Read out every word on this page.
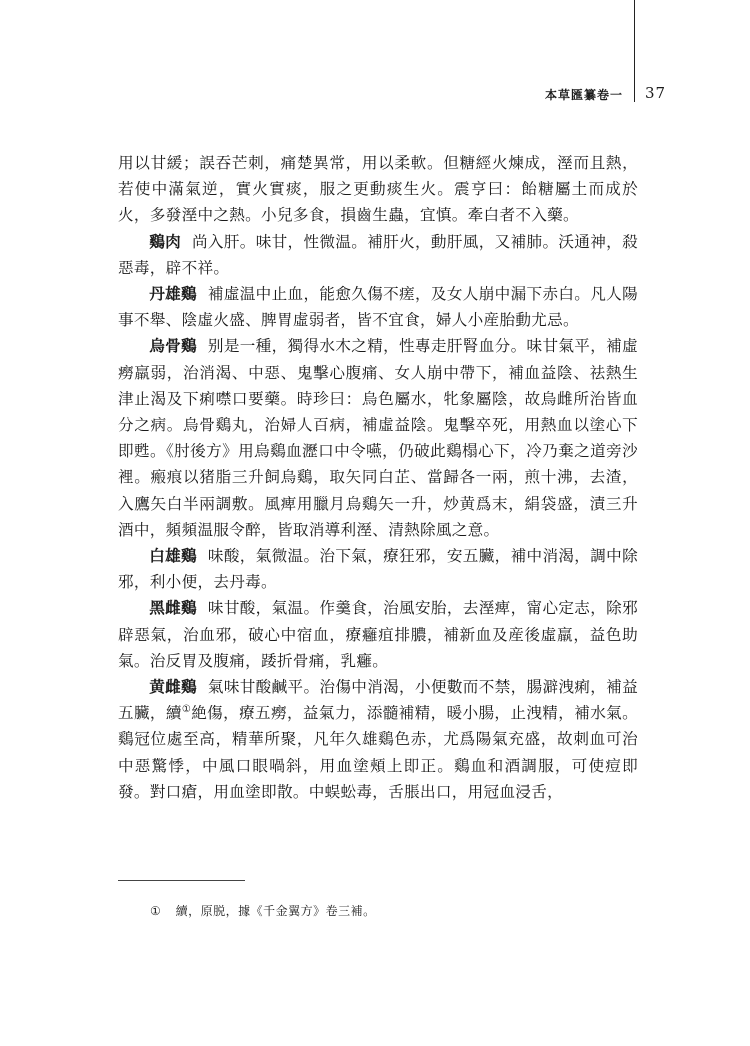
本草匯纂卷一 37

用以甘緩；誤吞芒刺，痛楚異常，用以柔軟。但糖經火煉成，溼而且熱，若使中滿氣逆，實火實痰，服之更動痰生火。震亨曰：飴糖屬土而成於火，多發溼中之熱。小兒多食，損齒生蟲，宜慎。牽白者不入藥。

鷄肉 尚入肝。味甘，性微温。補肝火，動肝風，又補肺。沃通神，殺惡毒，辟不祥。

丹雄鷄 補虛温中止血，能愈久傷不瘥，及女人崩中漏下赤白。凡人陽事不舉、陰虛火盛、脾胃虛弱者，皆不宜食，婦人小産胎動尤忌。

烏骨鷄 别是一種，獨得水木之精，性專走肝腎血分。味甘氣平，補虛癆羸弱，治消渴、中惡、鬼擊心腹痛、女人崩中帶下，補血益陰、祛熱生津止渴及下痢噤口要藥。時珍曰：烏色屬水，牝象屬陰，故烏雌所治皆血分之病。烏骨鷄丸，治婦人百病，補虛益陰。鬼擊卒死，用熱血以塗心下即甦。《肘後方》用烏鷄血瀝口中令嚥，仍破此鷄榻心下，冷乃棄之道旁沙裡。瘢痕以猪脂三升飼烏鷄，取矢同白芷、當歸各一兩，煎十沸，去渣，入鷹矢白半兩調敷。風痺用臘月烏鷄矢一升，炒黄爲末，絹袋盛，漬三升酒中，頻頻温服令醉，皆取消導利溼、清熱除風之意。

白雄鷄 味酸，氣微温。治下氣，療狂邪，安五臟，補中消渴，調中除邪，利小便，去丹毒。

黑雌鷄 味甘酸，氣温。作羹食，治風安胎，去溼痺，甯心定志，除邪辟惡氣，治血邪，破心中宿血，療癰疽排膿，補新血及産後虛羸，益色助氣。治反胃及腹痛，踒折骨痛，乳癰。

黄雌鷄 氣味甘酸鹹平。治傷中消渴，小便數而不禁，腸澼洩痢，補益五臟，續①絶傷，療五癆，益氣力，添髓補精，暖小腸，止洩精，補水氣。鷄冠位處至高，精華所聚，凡年久雄鷄色赤，尤爲陽氣充盛，故刺血可治中惡驚悸，中風口眼喎斜，用血塗頰上即正。鷄血和酒調服，可使痘即發。對口瘡，用血塗即散。中蜈蚣毒，舌脹出口，用冠血浸舌，

① 續，原脱，據《千金翼方》卷三補。
